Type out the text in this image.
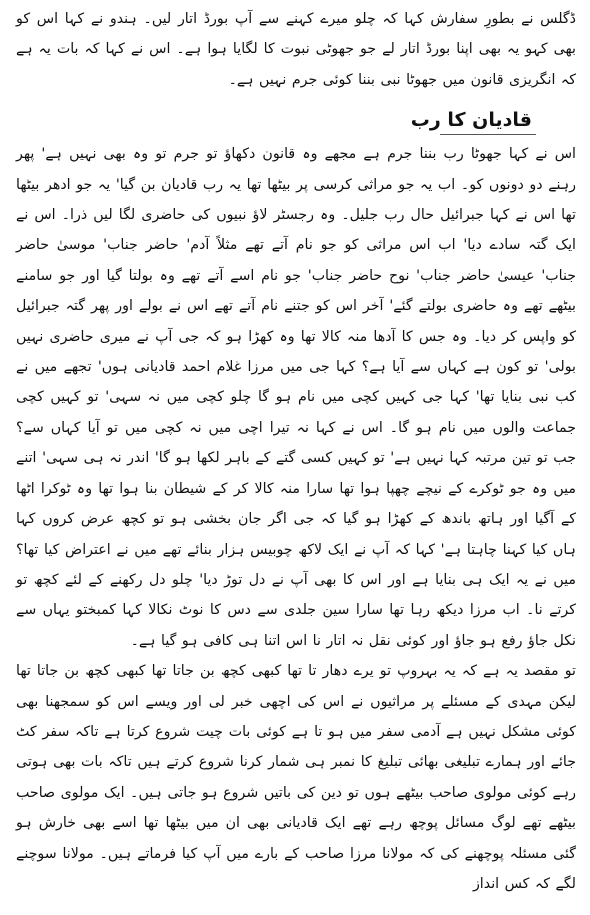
ڈگلس نے بطورِ سفارش کہا کہ چلو میرے کہنے سے آپ بورڈ اتار لیں۔ ہندو نے کہا اس کو بھی کہو یہ بھی اپنا بورڈ اتار لے جو جھوٹی نبوت کا لگایا ہوا ہے۔ اس نے کہا کہ بات یہ ہے کہ انگریزی قانون میں جھوٹا نبی بننا کوئی جرم نہیں ہے۔

قادیان کا رب

اس نے کہا جھوٹا رب بننا جرم ہے مجھے وہ قانون دکھاؤ تو جرم تو وہ بھی نہیں ہے' پھر رہنے دو دونوں کو۔ اب یہ جو مراثی کرسی پر بیٹھا تھا یہ رب قادیان بن گیا' یہ جو ادھر بیٹھا تھا اس نے کہا جبرائیل حال رب جلیل۔ وہ رجسٹر لاؤ نبیوں کی حاضری لگا لیں ذرا۔ اس نے ایک گتہ سادے دیا' اب اس مراثی کو جو نام آتے تھے مثلاً آدم' حاضر جناب' موسیٰ حاضر جناب' عیسیٰ حاضر جناب' نوح حاضر جناب' جو نام اسے آتے تھے وہ بولتا گیا اور جو سامنے بیٹھے تھے وہ حاضری بولتے گئے' آخر اس کو جتنے نام آتے تھے اس نے بولے اور پھر گتہ جبرائیل کو واپس کر دیا۔ وہ جس کا آدھا منہ کالا تھا وہ کھڑا ہو کہ جی آپ نے میری حاضری نہیں بولی' تو کون ہے کہاں سے آیا ہے؟ کہا جی میں مرزا غلام احمد قادیانی ہوں' تجھے میں نے کب نبی بنایا تھا' کہا جی کہیں کچی میں نام ہو گا چلو کچی میں نہ سہی' تو کہیں کچی جماعت والوں میں نام ہو گا۔ اس نے کہا نہ تیرا اچی میں نہ کچی میں تو آیا کہاں سے؟ جب تو تین مرتبہ کہا نہیں ہے' تو کہیں کسی گتے کے باہر لکھا ہو گا' اندر نہ ہی سہی' اتنے میں وہ جو ٹوکرے کے نیچے چھپا ہوا تھا سارا منہ کالا کر کے شیطان بنا ہوا تھا وہ ٹوکرا اٹھا کے آگیا اور ہاتھ باندھ کے کھڑا ہو گیا کہ جی اگر جان بخشی ہو تو کچھ عرض کروں کہا ہاں کیا کہنا چاہتا ہے' کہا کہ آپ نے ایک لاکھ چوبیس ہزار بنائے تھے میں نے اعتراض کیا تھا؟ میں نے یہ ایک ہی بنایا ہے اور اس کا بھی آپ نے دل توڑ دیا' چلو دل رکھنے کے لئے کچھ تو کرتے نا۔ اب مرزا دیکھ رہا تھا سارا سین جلدی سے دس کا نوٹ نکالا کہا کمبختو یہاں سے نکل جاؤ رفع ہو جاؤ اور کوئی نقل نہ اتار نا اس اتنا ہی کافی ہو گیا ہے۔

تو مقصد یہ ہے کہ یہ بہروپ تو یرے دھار تا تھا کبھی کچھ بن جاتا تھا کبھی کچھ بن جاتا تھا لیکن مہدی کے مسئلے پر مراثیوں نے اس کی اچھی خبر لی اور ویسے اس کو سمجھنا بھی کوئی مشکل نہیں ہے آدمی سفر میں ہو تا ہے کوئی بات چیت شروع کرتا ہے تاکہ سفر کٹ جائے اور ہمارے تبلیغی بھائی تبلیغ کا نمبر ہی شمار کرنا شروع کرتے ہیں تاکہ بات بھی ہوتی رہے کوئی مولوی صاحب بیٹھے ہوں تو دین کی باتیں شروع ہو جاتی ہیں۔ ایک مولوی صاحب بیٹھے تھے لوگ مسائل پوچھ رہے تھے ایک قادیانی بھی ان میں بیٹھا تھا اسے بھی خارش ہو گئی مسئلہ پوچھنے کی کہ مولانا مرزا صاحب کے بارے میں آپ کیا فرماتے ہیں۔ مولانا سوچنے لگے کہ کس انداز
